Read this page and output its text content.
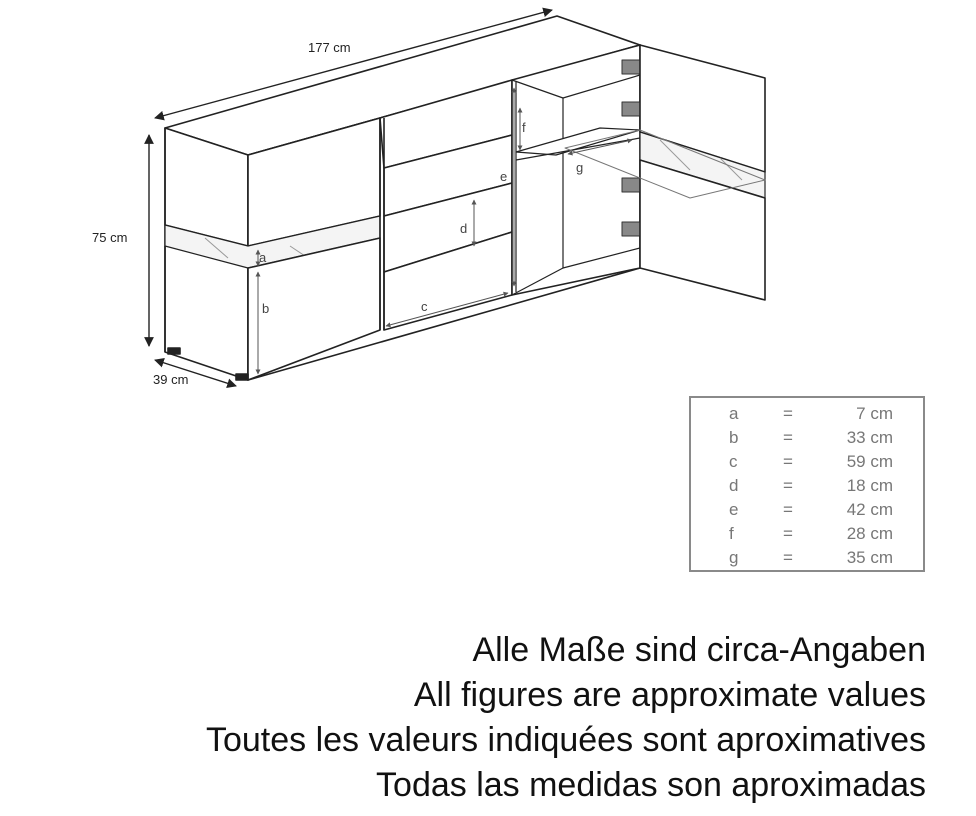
177 cm
75 cm
39 cm
a
b	c
d
e
f
g
a	=	7 cm
b	=	33 cm
c	=	59 cm
d	=	18 cm
e	=	42 cm
f	=	28 cm
g	=	35 cm
Alle Maße sind circa-Angaben
All figures are approximate values
Toutes les valeurs indiquées sont aproximatives
Todas las medidas son aproximadas
